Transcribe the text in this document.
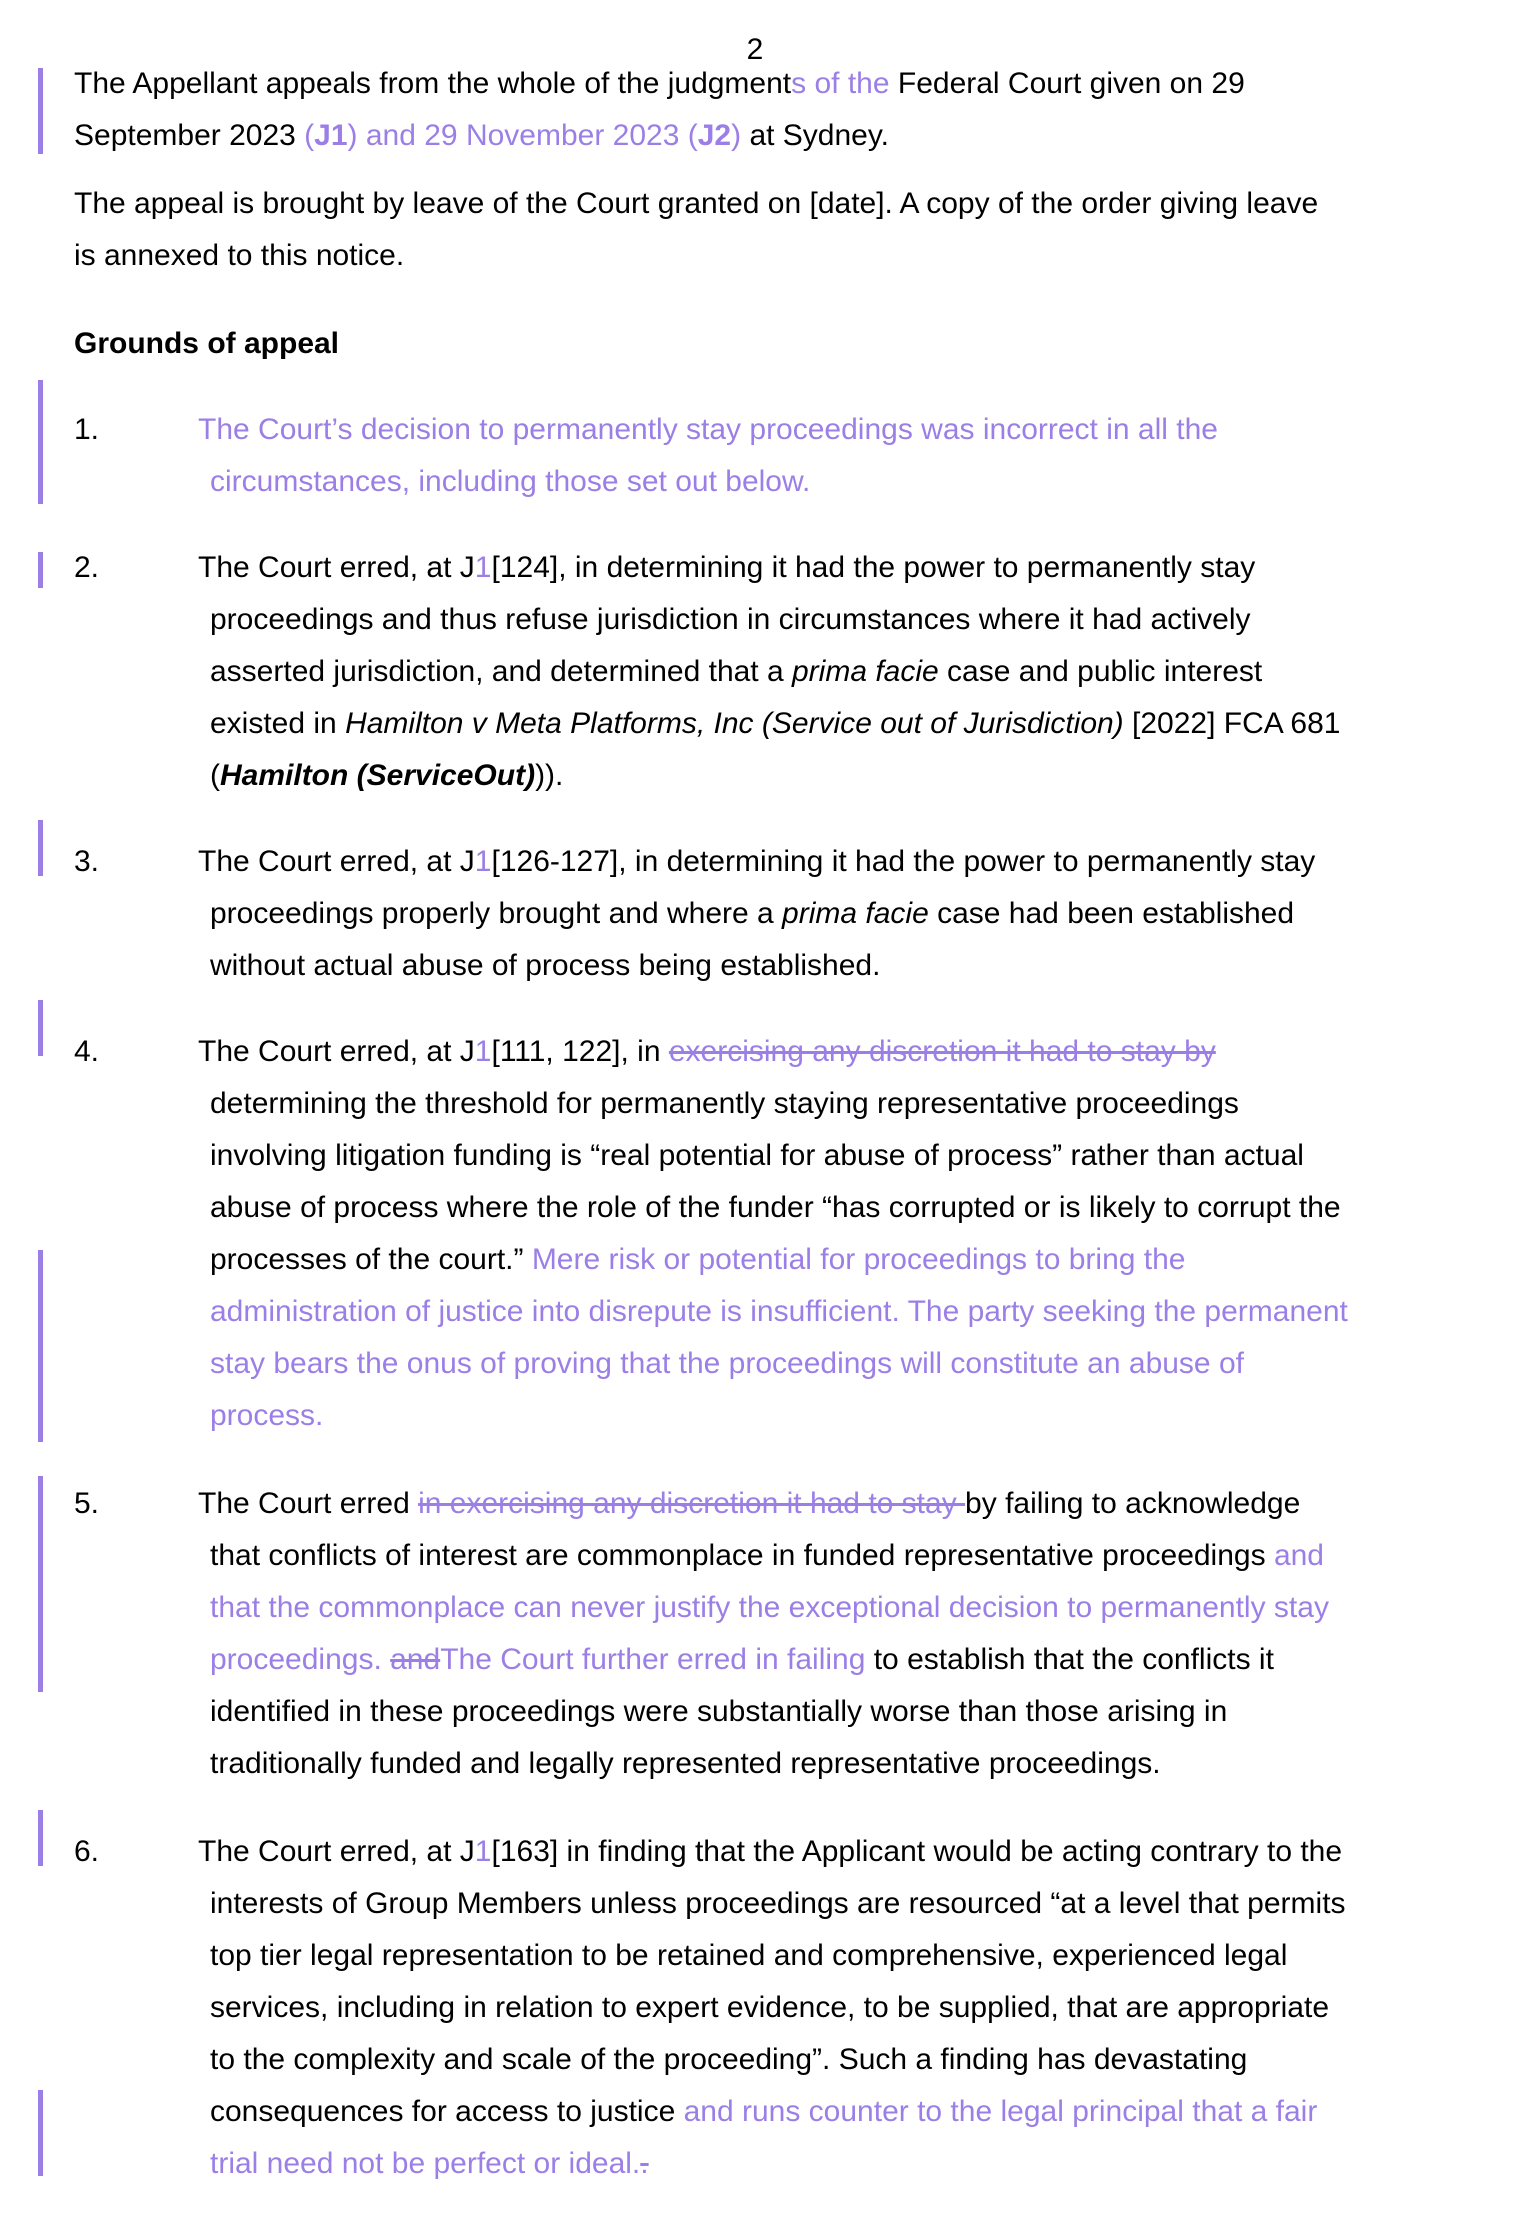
2
The Appellant appeals from the whole of the judgments of the Federal Court given on 29
September 2023 (J1) and 29 November 2023 (J2) at Sydney.
The appeal is brought by leave of the Court granted on [date]. A copy of the order giving leave
is annexed to this notice.
Grounds of appeal
1.	The Court’s decision to permanently stay proceedings was incorrect in all the
circumstances, including those set out below.
2.	The Court erred, at J1[124], in determining it had the power to permanently stay
proceedings and thus refuse jurisdiction in circumstances where it had actively
asserted jurisdiction, and determined that a prima facie case and public interest
existed in Hamilton v Meta Platforms, Inc (Service out of Jurisdiction) [2022] FCA 681
(Hamilton (ServiceOut))).
3.	The Court erred, at J1[126-127], in determining it had the power to permanently stay
proceedings properly brought and where a prima facie case had been established
without actual abuse of process being established.
4.	The Court erred, at J1[111, 122], in exercising any discretion it had to stay by
determining the threshold for permanently staying representative proceedings
involving litigation funding is “real potential for abuse of process” rather than actual
abuse of process where the role of the funder “has corrupted or is likely to corrupt the
processes of the court.” Mere risk or potential for proceedings to bring the
administration of justice into disrepute is insufficient. The party seeking the permanent
stay bears the onus of proving that the proceedings will constitute an abuse of
process.
5.	The Court erred in exercising any discretion it had to stay by failing to acknowledge
that conflicts of interest are commonplace in funded representative proceedings and
that the commonplace can never justify the exceptional decision to permanently stay
proceedings. andThe Court further erred in failing to establish that the conflicts it
identified in these proceedings were substantially worse than those arising in
traditionally funded and legally represented representative proceedings.
6.	The Court erred, at J1[163] in finding that the Applicant would be acting contrary to the
interests of Group Members unless proceedings are resourced “at a level that permits
top tier legal representation to be retained and comprehensive, experienced legal
services, including in relation to expert evidence, to be supplied, that are appropriate
to the complexity and scale of the proceeding”. Such a finding has devastating
consequences for access to justice and runs counter to the legal principal that a fair
trial need not be perfect or ideal..
